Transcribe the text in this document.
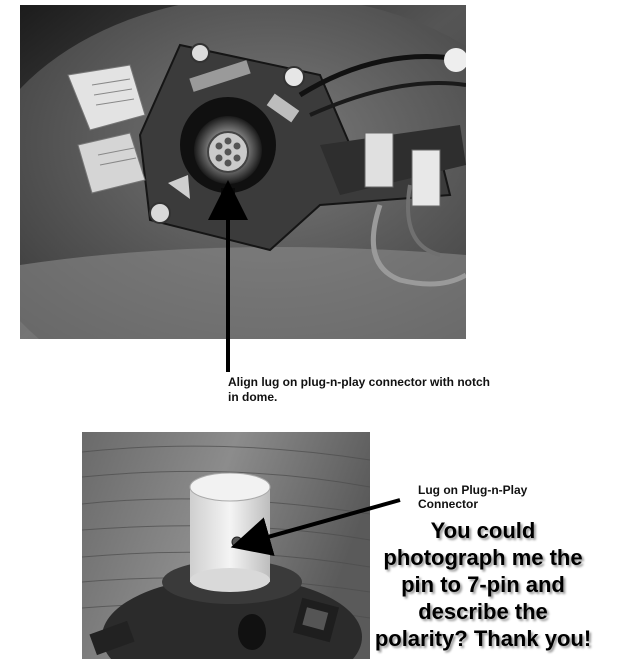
Align lug on plug-n-play connector with notch in dome.
Lug on Plug-n-Play
Connector
You could
photograph me the
pin to 7-pin and
describe the
polarity? Thank you!
